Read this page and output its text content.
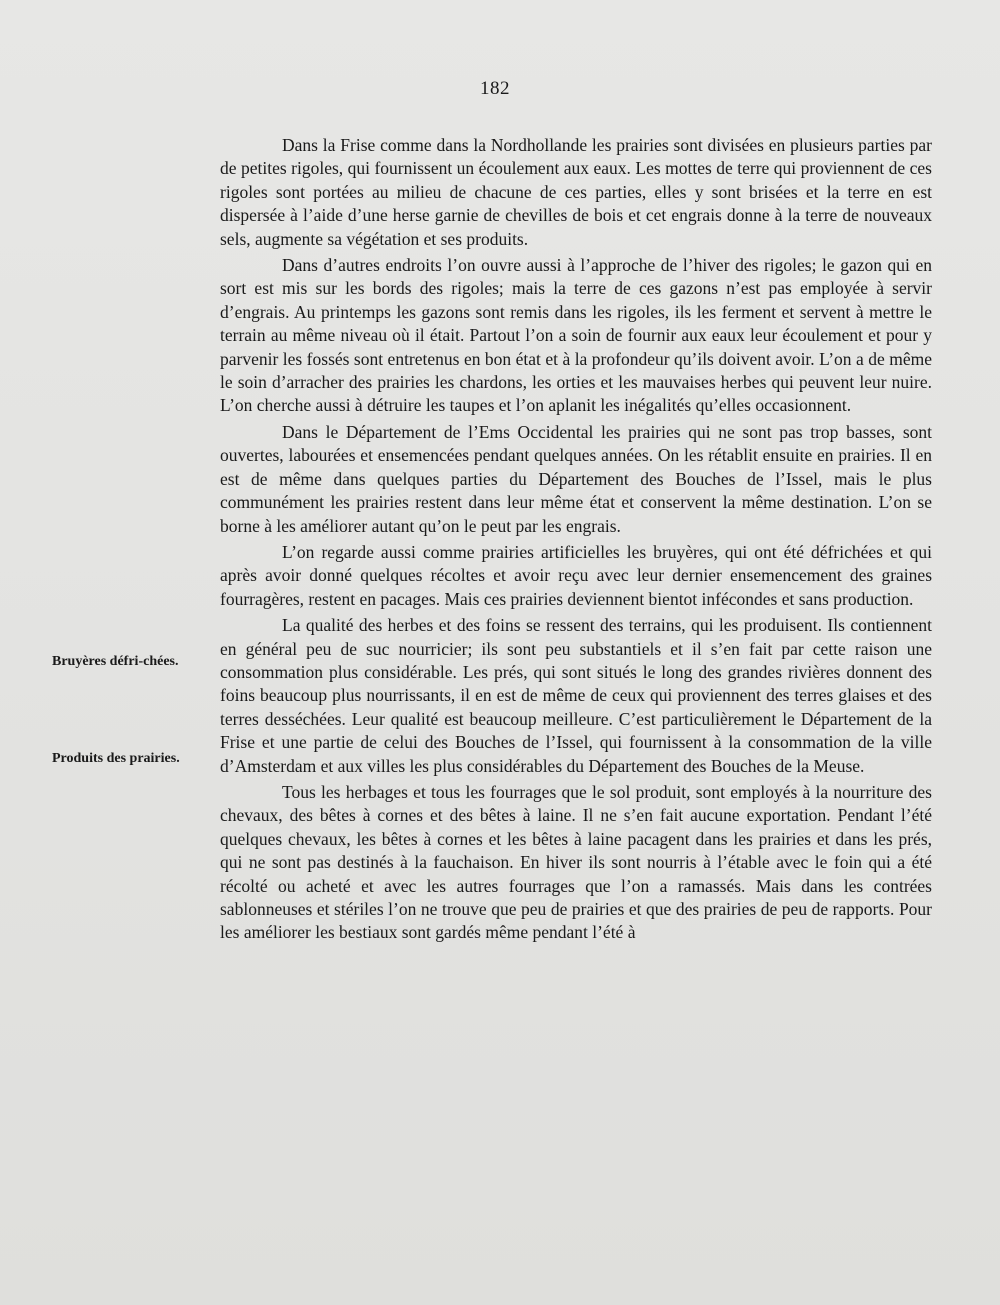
182
Bruyères défri-chées.
Produits des prairies.

Dans la Frise comme dans la Nordhollande les prairies sont divisées en plusieurs parties par de petites rigoles, qui fournissent un écoulement aux eaux. Les mottes de terre qui proviennent de ces rigoles sont portées au milieu de chacune de ces parties, elles y sont brisées et la terre en est dispersée à l’aide d’une herse garnie de chevilles de bois et cet engrais donne à la terre de nouveaux sels, augmente sa végétation et ses produits.

Dans d’autres endroits l’on ouvre aussi à l’approche de l’hiver des rigoles; le gazon qui en sort est mis sur les bords des rigoles; mais la terre de ces gazons n’est pas employée à servir d’engrais. Au printemps les gazons sont remis dans les rigoles, ils les ferment et servent à mettre le terrain au même niveau où il était. Partout l’on a soin de fournir aux eaux leur écoulement et pour y parvenir les fossés sont entretenus en bon état et à la profondeur qu’ils doivent avoir. L’on a de même le soin d’arracher des prairies les chardons, les orties et les mauvaises herbes qui peuvent leur nuire. L’on cherche aussi à détruire les taupes et l’on aplanit les inégalités qu’elles occasionnent.

Dans le Département de l’Ems Occidental les prairies qui ne sont pas trop basses, sont ouvertes, labourées et ensemencées pendant quelques années. On les rétablit ensuite en prairies. Il en est de même dans quelques parties du Département des Bouches de l’Issel, mais le plus communément les prairies restent dans leur même état et conservent la même destination. L’on se borne à les améliorer autant qu’on le peut par les engrais.

L’on regarde aussi comme prairies artificielles les bruyères, qui ont été défrichées et qui après avoir donné quelques récoltes et avoir reçu avec leur dernier ensemencement des graines fourragères, restent en pacages. Mais ces prairies deviennent bientot infécondes et sans production.

La qualité des herbes et des foins se ressent des terrains, qui les produisent. Ils contiennent en général peu de suc nourricier; ils sont peu substantiels et il s’en fait par cette raison une consommation plus considérable. Les prés, qui sont situés le long des grandes rivières donnent des foins beaucoup plus nourrissants, il en est de même de ceux qui proviennent des terres glaises et des terres desséchées. Leur qualité est beaucoup meilleure. C’est particulièrement le Département de la Frise et une partie de celui des Bouches de l’Issel, qui fournissent à la consommation de la ville d’Amsterdam et aux villes les plus considérables du Département des Bouches de la Meuse.

Tous les herbages et tous les fourrages que le sol produit, sont employés à la nourriture des chevaux, des bêtes à cornes et des bêtes à laine. Il ne s’en fait aucune exportation. Pendant l’été quelques chevaux, les bêtes à cornes et les bêtes à laine pacagent dans les prairies et dans les prés, qui ne sont pas destinés à la fauchaison. En hiver ils sont nourris à l’étable avec le foin qui a été récolté ou acheté et avec les autres fourrages que l’on a ramassés. Mais dans les contrées sablonneuses et stériles l’on ne trouve que peu de prairies et que des prairies de peu de rapports. Pour les améliorer les bestiaux sont gardés même pendant l’été à
